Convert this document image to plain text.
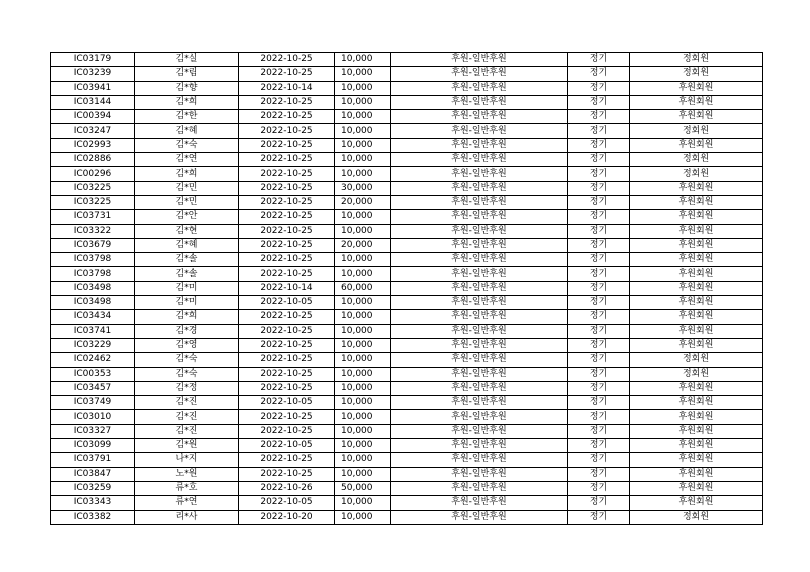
IC03179	김*실	2022-10-25	10,000	후원-일반후원	정기	정회원
IC03239	김*림	2022-10-25	10,000	후원-일반후원	정기	정회원
IC03941	김*향	2022-10-14	10,000	후원-일반후원	정기	후원회원
IC03144	김*희	2022-10-25	10,000	후원-일반후원	정기	후원회원
IC00394	김*한	2022-10-25	10,000	후원-일반후원	정기	후원회원
IC03247	김*혜	2022-10-25	10,000	후원-일반후원	정기	정회원
IC02993	김*숙	2022-10-25	10,000	후원-일반후원	정기	후원회원
IC02886	김*연	2022-10-25	10,000	후원-일반후원	정기	정회원
IC00296	김*희	2022-10-25	10,000	후원-일반후원	정기	정회원
IC03225	김*민	2022-10-25	30,000	후원-일반후원	정기	후원회원
IC03225	김*민	2022-10-25	20,000	후원-일반후원	정기	후원회원
IC03731	김*안	2022-10-25	10,000	후원-일반후원	정기	후원회원
IC03322	김*현	2022-10-25	10,000	후원-일반후원	정기	후원회원
IC03679	김*혜	2022-10-25	20,000	후원-일반후원	정기	후원회원
IC03798	김*솔	2022-10-25	10,000	후원-일반후원	정기	후원회원
IC03798	김*솔	2022-10-25	10,000	후원-일반후원	정기	후원회원
IC03498	김*미	2022-10-14	60,000	후원-일반후원	정기	후원회원
IC03498	김*미	2022-10-05	10,000	후원-일반후원	정기	후원회원
IC03434	김*희	2022-10-25	10,000	후원-일반후원	정기	후원회원
IC03741	김*경	2022-10-25	10,000	후원-일반후원	정기	후원회원
IC03229	김*영	2022-10-25	10,000	후원-일반후원	정기	후원회원
IC02462	김*숙	2022-10-25	10,000	후원-일반후원	정기	정회원
IC00353	김*숙	2022-10-25	10,000	후원-일반후원	정기	정회원
IC03457	김*정	2022-10-25	10,000	후원-일반후원	정기	후원회원
IC03749	김*진	2022-10-05	10,000	후원-일반후원	정기	후원회원
IC03010	김*진	2022-10-25	10,000	후원-일반후원	정기	후원회원
IC03327	김*진	2022-10-25	10,000	후원-일반후원	정기	후원회원
IC03099	김*원	2022-10-05	10,000	후원-일반후원	정기	후원회원
IC03791	나*지	2022-10-25	10,000	후원-일반후원	정기	후원회원
IC03847	노*원	2022-10-25	10,000	후원-일반후원	정기	후원회원
IC03259	류*호	2022-10-26	50,000	후원-일반후원	정기	후원회원
IC03343	류*연	2022-10-05	10,000	후원-일반후원	정기	후원회원
IC03382	리*사	2022-10-20	10,000	후원-일반후원	정기	정회원
